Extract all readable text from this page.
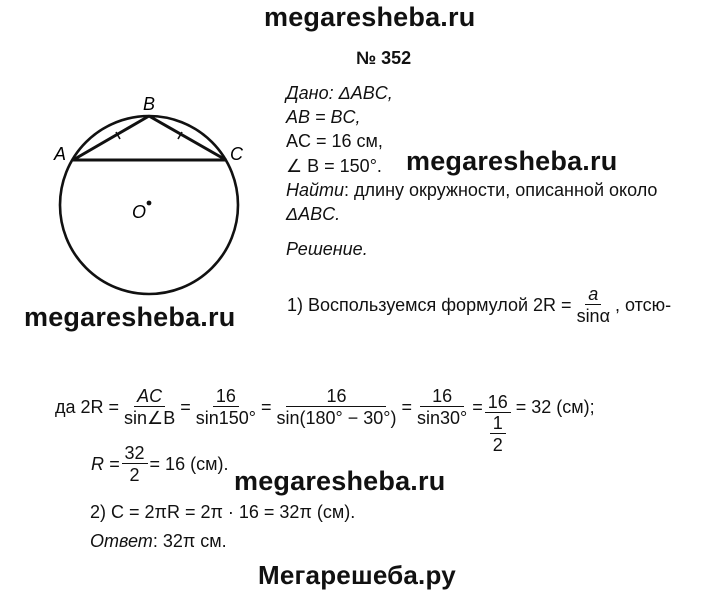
megaresheba.ru
megaresheba.ru
megaresheba.ru
megaresheba.ru
Мегарешеба.ру
№ 352
A
B
C
O
Дано: ΔABC,
AB = BC,
AC = 16 см,
∠ B = 150°.
Найти: длину окружности, описанной около
ΔABC.
Решение.
1) Воспользуемся формулой $2R = \frac{a}{\sin\alpha}$ , отсю-
да $2R = \frac{AC}{\sin\angle B} = \frac{16}{\sin 150^\circ} = \frac{16}{\sin(180^\circ - 30^\circ)} = \frac{16}{\sin 30^\circ} = \frac{16}{\frac{1}{2}} = 32$ (см);
$R = \frac{32}{2} = 16$ (см).
2) C = 2πR = 2π · 16 = 32π (см).
Ответ: 32π см.
